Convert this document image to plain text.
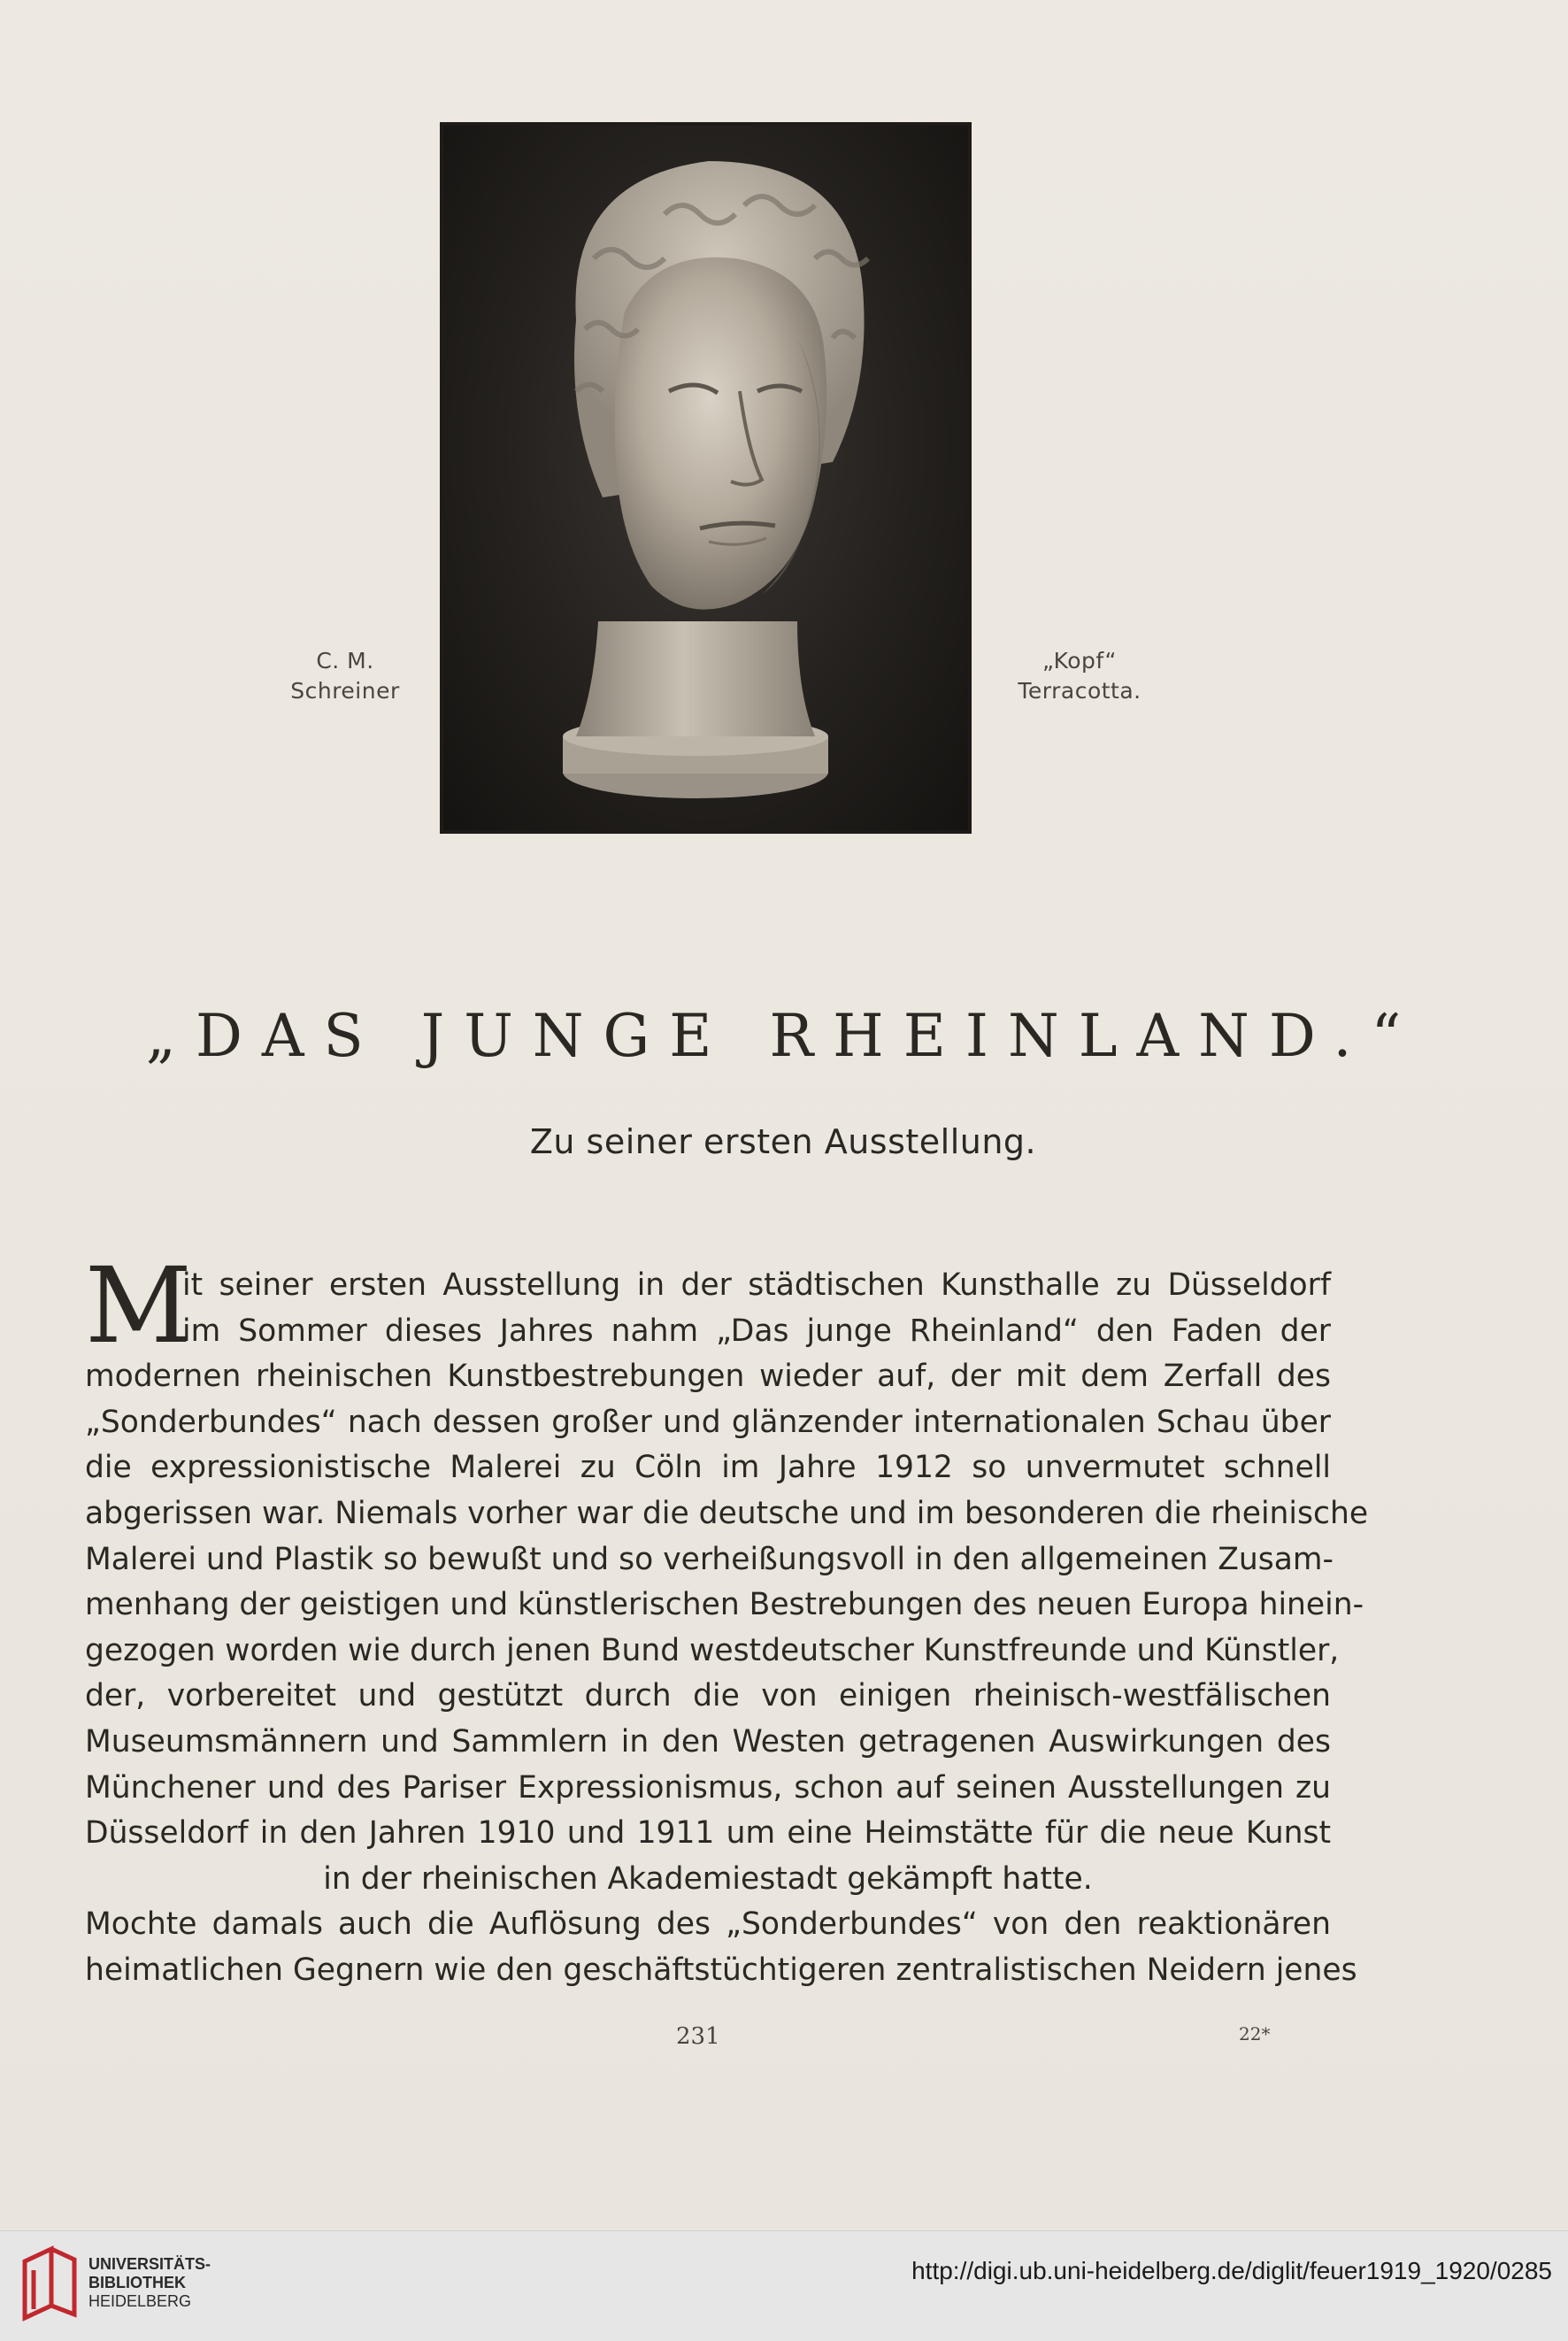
C. M.
Schreiner
„Kopf“
Terracotta.
„DAS JUNGE RHEINLAND.“
Zu seiner ersten Ausstellung.
M
it seiner ersten Ausstellung in der städtischen Kunsthalle zu Düsseldorf
im Sommer dieses Jahres nahm „Das junge Rheinland“ den Faden der
modernen rheinischen Kunstbestrebungen wieder auf, der mit dem Zerfall des
„Sonderbundes“ nach dessen großer und glänzender internationalen Schau über
die expressionistische Malerei zu Cöln im Jahre 1912 so unvermutet schnell
abgerissen war. Niemals vorher war die deutsche und im besonderen die rheinische
Malerei und Plastik so bewußt und so verheißungsvoll in den allgemeinen Zusam-
menhang der geistigen und künstlerischen Bestrebungen des neuen Europa hinein-
gezogen worden wie durch jenen Bund westdeutscher Kunstfreunde und Künstler,
der, vorbereitet und gestützt durch die von einigen rheinisch-westfälischen
Museumsmännern und Sammlern in den Westen getragenen Auswirkungen des
Münchener und des Pariser Expressionismus, schon auf seinen Ausstellungen zu
Düsseldorf in den Jahren 1910 und 1911 um eine Heimstätte für die neue Kunst
in der rheinischen Akademiestadt gekämpft hatte.
Mochte damals auch die Auflösung des „Sonderbundes“ von den reaktionären
heimatlichen Gegnern wie den geschäftstüchtigeren zentralistischen Neidern jenes
231	22*
UNIVERSITÄTS-
BIBLIOTHEK
HEIDELBERG
http://digi.ub.uni-heidelberg.de/diglit/feuer1919_1920/0285
